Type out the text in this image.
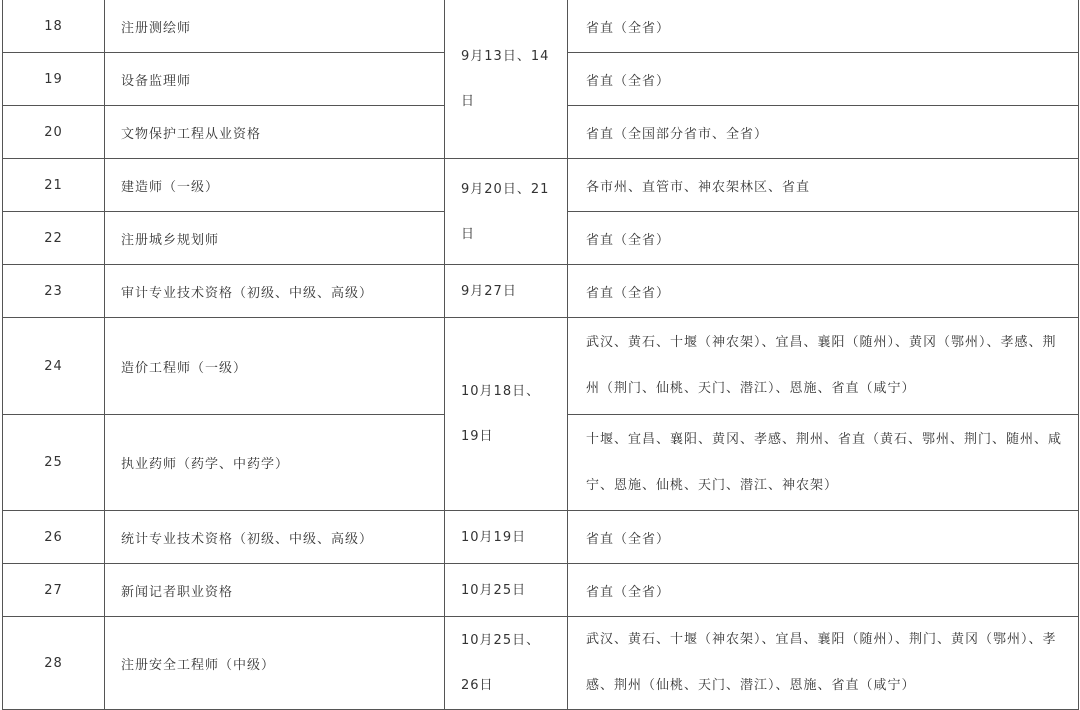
18	注册测绘师	9月13日、14日	省直（全省）
19	设备监理师		省直（全省）
20	文物保护工程从业资格		省直（全国部分省市、全省）
21	建造师（一级）	9月20日、21日	各市州、直管市、神农架林区、省直
22	注册城乡规划师		省直（全省）
23	审计专业技术资格（初级、中级、高级）	9月27日	省直（全省）
24	造价工程师（一级）	10月18日、19日	武汉、黄石、十堰（神农架）、宜昌、襄阳（随州）、黄冈（鄂州）、孝感、荆州（荆门、仙桃、天门、潜江）、恩施、省直（咸宁）
25	执业药师（药学、中药学）		十堰、宜昌、襄阳、黄冈、孝感、荆州、省直（黄石、鄂州、荆门、随州、咸宁、恩施、仙桃、天门、潜江、神农架）
26	统计专业技术资格（初级、中级、高级）	10月19日	省直（全省）
27	新闻记者职业资格	10月25日	省直（全省）
28	注册安全工程师（中级）	10月25日、26日	武汉、黄石、十堰（神农架）、宜昌、襄阳（随州）、荆门、黄冈（鄂州）、孝感、荆州（仙桃、天门、潜江）、恩施、省直（咸宁）
